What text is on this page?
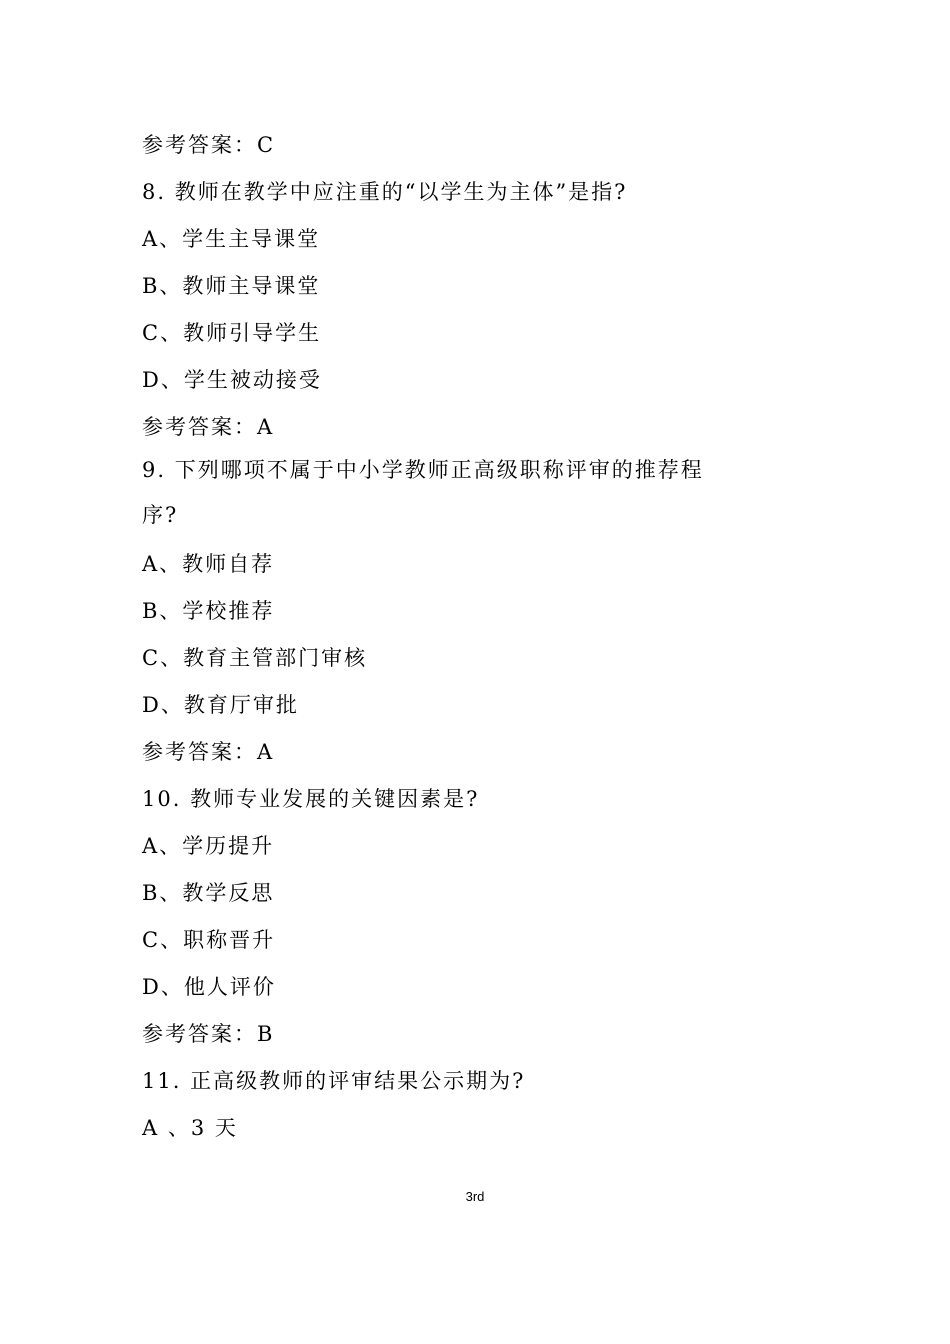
参考答案：C
8. 教师在教学中应注重的“以学生为主体”是指?
A、学生主导课堂
B、教师主导课堂
C、教师引导学生
D、学生被动接受
参考答案：A
9. 下列哪项不属于中小学教师正高级职称评审的推荐程
序?
A、教师自荐
B、学校推荐
C、教育主管部门审核
D、教育厅审批
参考答案：A
10. 教师专业发展的关键因素是?
A、学历提升
B、教学反思
C、职称晋升
D、他人评价
参考答案：B
11. 正高级教师的评审结果公示期为?
A 、3 天
3rd
